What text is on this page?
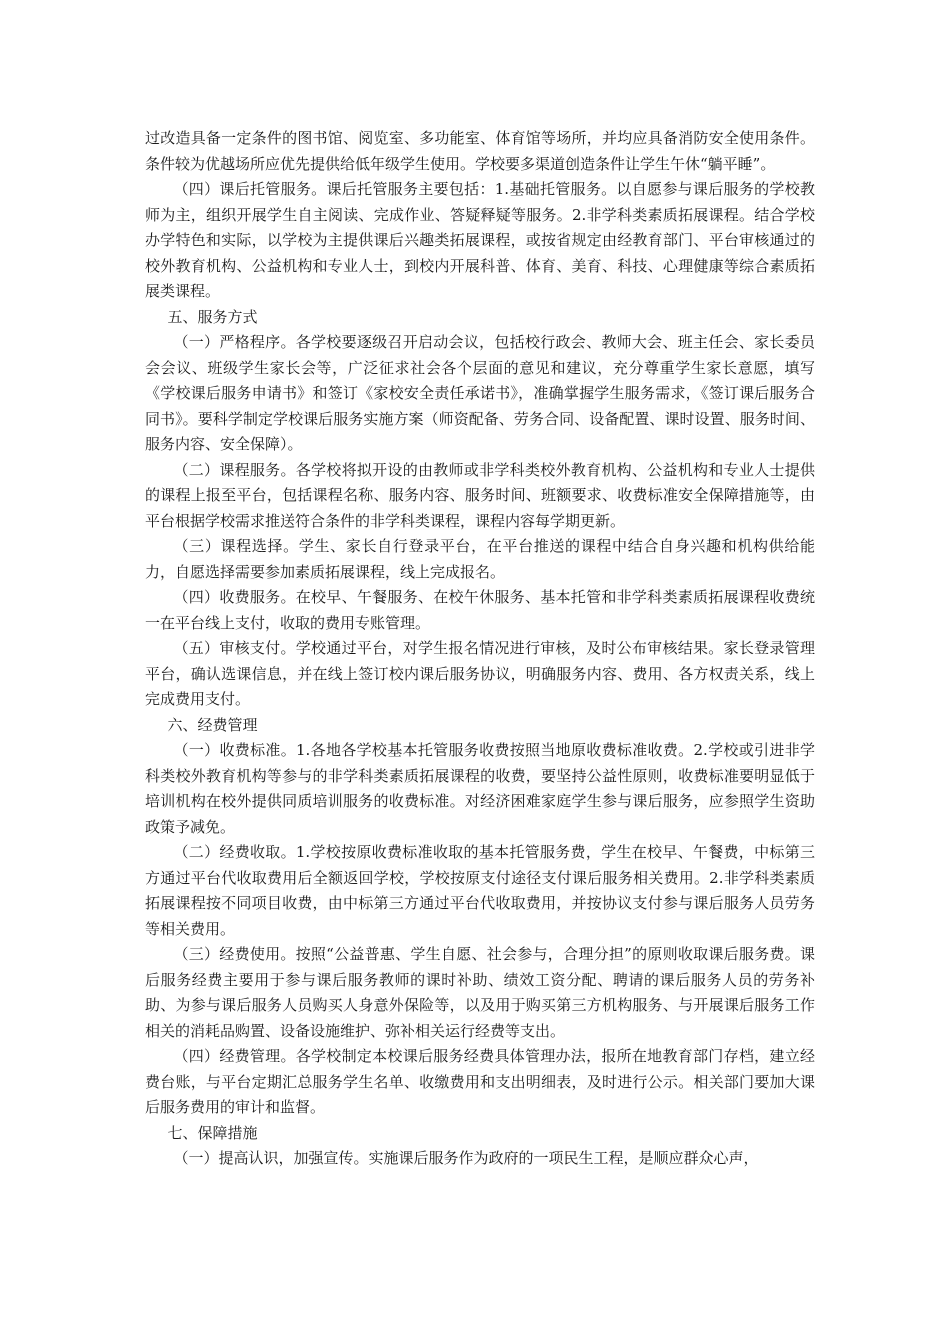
过改造具备一定条件的图书馆、阅览室、多功能室、体育馆等场所，并均应具备消防安全使用条件。条件较为优越场所应优先提供给低年级学生使用。学校要多渠道创造条件让学生午休“躺平睡”。

（四）课后托管服务。课后托管服务主要包括：1.基础托管服务。以自愿参与课后服务的学校教师为主，组织开展学生自主阅读、完成作业、答疑释疑等服务。2.非学科类素质拓展课程。结合学校办学特色和实际，以学校为主提供课后兴趣类拓展课程，或按省规定由经教育部门、平台审核通过的校外教育机构、公益机构和专业人士，到校内开展科普、体育、美育、科技、心理健康等综合素质拓展类课程。

五、服务方式

（一）严格程序。各学校要逐级召开启动会议，包括校行政会、教师大会、班主任会、家长委员会会议、班级学生家长会等，广泛征求社会各个层面的意见和建议，充分尊重学生家长意愿，填写《学校课后服务申请书》和签订《家校安全责任承诺书》，准确掌握学生服务需求，《签订课后服务合同书》。要科学制定学校课后服务实施方案（师资配备、劳务合同、设备配置、课时设置、服务时间、服务内容、安全保障）。

（二）课程服务。各学校将拟开设的由教师或非学科类校外教育机构、公益机构和专业人士提供的课程上报至平台，包括课程名称、服务内容、服务时间、班额要求、收费标准安全保障措施等，由平台根据学校需求推送符合条件的非学科类课程，课程内容每学期更新。

（三）课程选择。学生、家长自行登录平台，在平台推送的课程中结合自身兴趣和机构供给能力，自愿选择需要参加素质拓展课程，线上完成报名。

（四）收费服务。在校早、午餐服务、在校午休服务、基本托管和非学科类素质拓展课程收费统一在平台线上支付，收取的费用专账管理。

（五）审核支付。学校通过平台，对学生报名情况进行审核，及时公布审核结果。家长登录管理平台，确认选课信息，并在线上签订校内课后服务协议，明确服务内容、费用、各方权责关系，线上完成费用支付。

六、经费管理

（一）收费标准。1.各地各学校基本托管服务收费按照当地原收费标准收费。2.学校或引进非学科类校外教育机构等参与的非学科类素质拓展课程的收费，要坚持公益性原则，收费标准要明显低于培训机构在校外提供同质培训服务的收费标准。对经济困难家庭学生参与课后服务，应参照学生资助政策予减免。

（二）经费收取。1.学校按原收费标准收取的基本托管服务费，学生在校早、午餐费，中标第三方通过平台代收取费用后全额返回学校，学校按原支付途径支付课后服务相关费用。2.非学科类素质拓展课程按不同项目收费，由中标第三方通过平台代收取费用，并按协议支付参与课后服务人员劳务等相关费用。

（三）经费使用。按照“公益普惠、学生自愿、社会参与，合理分担”的原则收取课后服务费。课后服务经费主要用于参与课后服务教师的课时补助、绩效工资分配、聘请的课后服务人员的劳务补助、为参与课后服务人员购买人身意外保险等，以及用于购买第三方机构服务、与开展课后服务工作相关的消耗品购置、设备设施维护、弥补相关运行经费等支出。

（四）经费管理。各学校制定本校课后服务经费具体管理办法，报所在地教育部门存档，建立经费台账，与平台定期汇总服务学生名单、收缴费用和支出明细表，及时进行公示。相关部门要加大课后服务费用的审计和监督。

七、保障措施

（一）提高认识，加强宣传。实施课后服务作为政府的一项民生工程，是顺应群众心声，
